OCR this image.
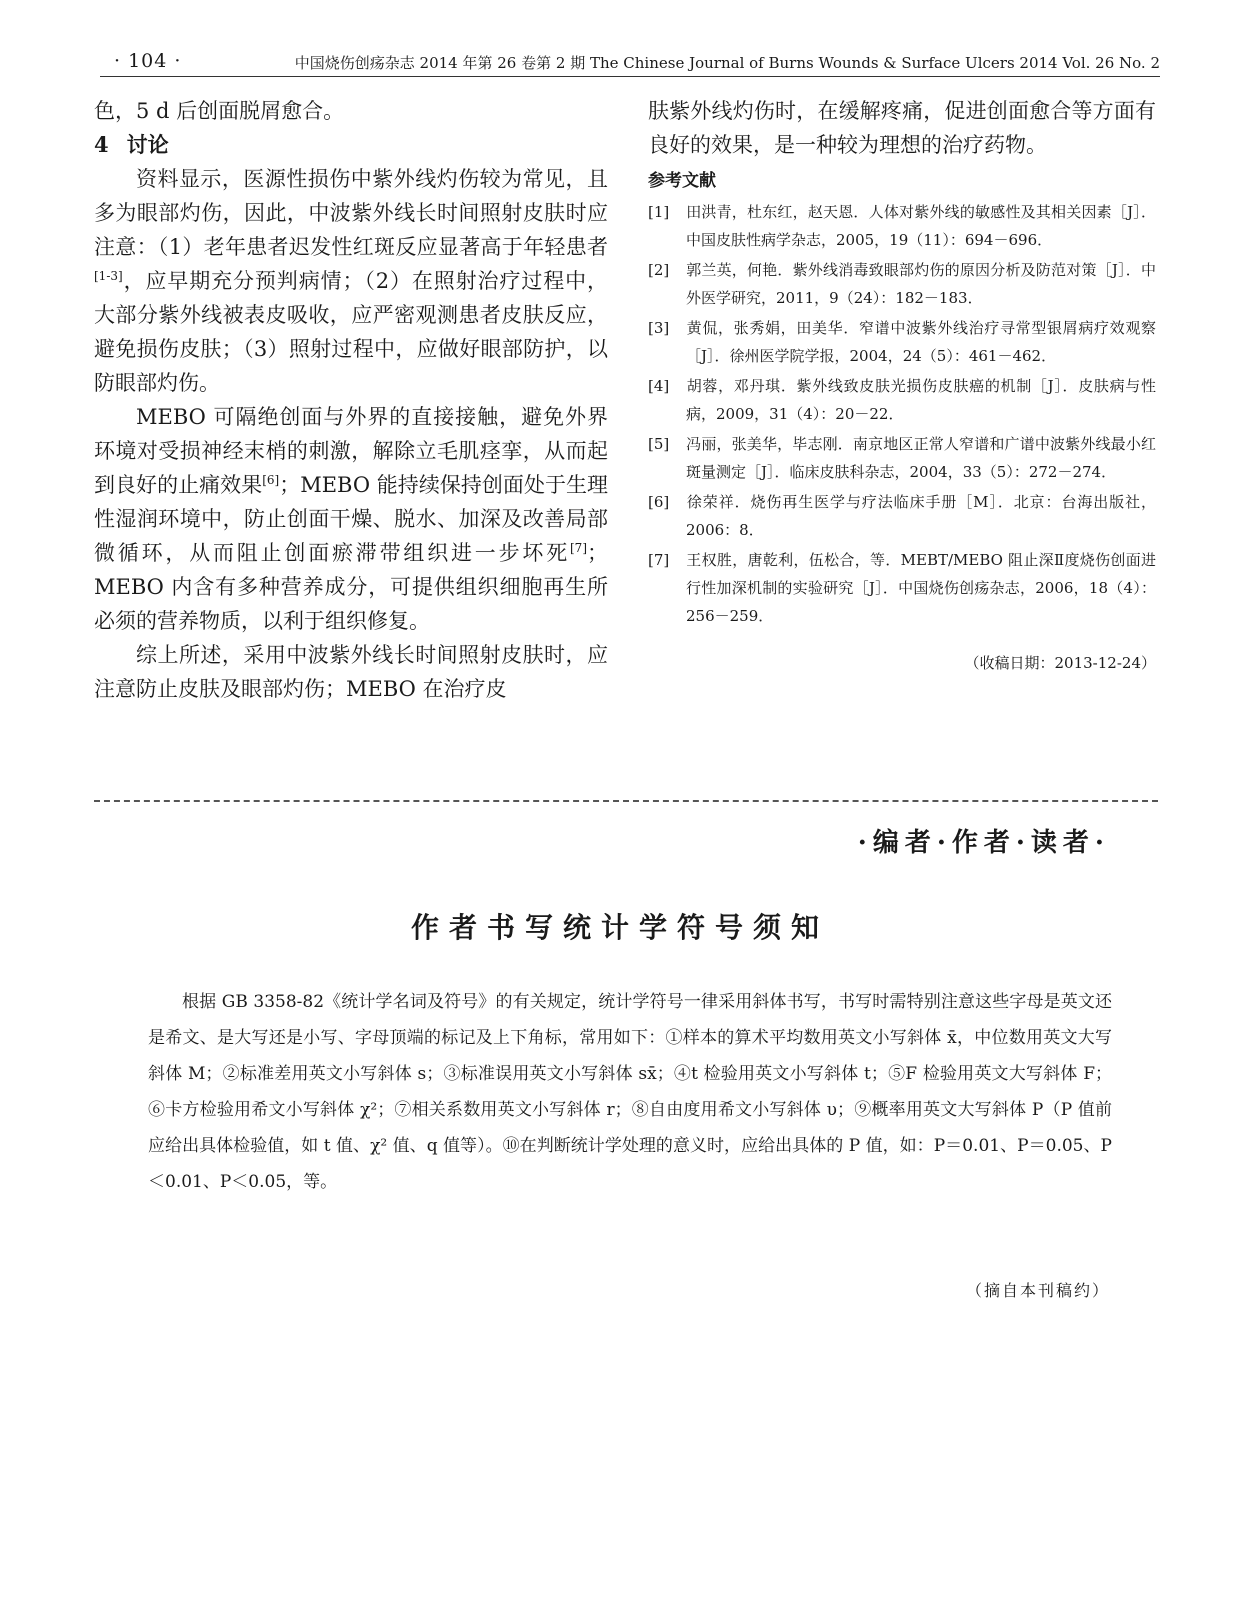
· 104 ·	中国烧伤创疡杂志 2014 年第 26 卷第 2 期 The Chinese Journal of Burns Wounds & Surface Ulcers 2014 Vol. 26 No. 2

色，5 d 后创面脱屑愈合。

4 讨论

资料显示，医源性损伤中紫外线灼伤较为常见，且多为眼部灼伤，因此，中波紫外线长时间照射皮肤时应注意：（1）老年患者迟发性红斑反应显著高于年轻患者[1-3]，应早期充分预判病情；（2）在照射治疗过程中，大部分紫外线被表皮吸收，应严密观测患者皮肤反应，避免损伤皮肤；（3）照射过程中，应做好眼部防护，以防眼部灼伤。

MEBO 可隔绝创面与外界的直接接触，避免外界环境对受损神经末梢的刺激，解除立毛肌痉挛，从而起到良好的止痛效果[6]；MEBO 能持续保持创面处于生理性湿润环境中，防止创面干燥、脱水、加深及改善局部微循环，从而阻止创面瘀滞带组织进一步坏死[7]；MEBO 内含有多种营养成分，可提供组织细胞再生所必须的营养物质，以利于组织修复。

综上所述，采用中波紫外线长时间照射皮肤时，应注意防止皮肤及眼部灼伤；MEBO 在治疗皮

肤紫外线灼伤时，在缓解疼痛，促进创面愈合等方面有良好的效果，是一种较为理想的治疗药物。

参考文献

[1] 田洪青，杜东红，赵天恩．人体对紫外线的敏感性及其相关因素［J］．中国皮肤性病学杂志，2005，19（11）：694－696．

[2] 郭兰英，何艳．紫外线消毒致眼部灼伤的原因分析及防范对策［J］．中外医学研究，2011，9（24）：182－183．

[3] 黄侃，张秀娟，田美华．窄谱中波紫外线治疗寻常型银屑病疗效观察［J］．徐州医学院学报，2004，24（5）：461－462．

[4] 胡蓉，邓丹琪．紫外线致皮肤光损伤皮肤癌的机制［J］．皮肤病与性病，2009，31（4）：20－22．

[5] 冯丽，张美华，毕志刚．南京地区正常人窄谱和广谱中波紫外线最小红斑量测定［J］．临床皮肤科杂志，2004，33（5）：272－274．

[6] 徐荣祥．烧伤再生医学与疗法临床手册［M］．北京：台海出版社，2006：8．

[7] 王权胜，唐乾利，伍松合，等．MEBT/MEBO 阻止深Ⅱ度烧伤创面进行性加深机制的实验研究［J］．中国烧伤创疡杂志，2006，18（4）：256－259．

（收稿日期：2013-12-24）
·编者·作者·读者·
作者书写统计学符号须知

根据 GB 3358-82《统计学名词及符号》的有关规定，统计学符号一律采用斜体书写，书写时需特别注意这些字母是英文还是希文、是大写还是小写、字母顶端的标记及上下角标，常用如下：①样本的算术平均数用英文小写斜体 x̄，中位数用英文大写斜体 M；②标准差用英文小写斜体 s；③标准误用英文小写斜体 sx̄；④t 检验用英文小写斜体 t；⑤F 检验用英文大写斜体 F；⑥卡方检验用希文小写斜体 χ²；⑦相关系数用英文小写斜体 r；⑧自由度用希文小写斜体 υ；⑨概率用英文大写斜体 P（P 值前应给出具体检验值，如 t 值、χ² 值、q 值等）。⑩在判断统计学处理的意义时，应给出具体的 P 值，如：P＝0.01、P＝0.05、P＜0.01、P＜0.05，等。

（摘自本刊稿约）
